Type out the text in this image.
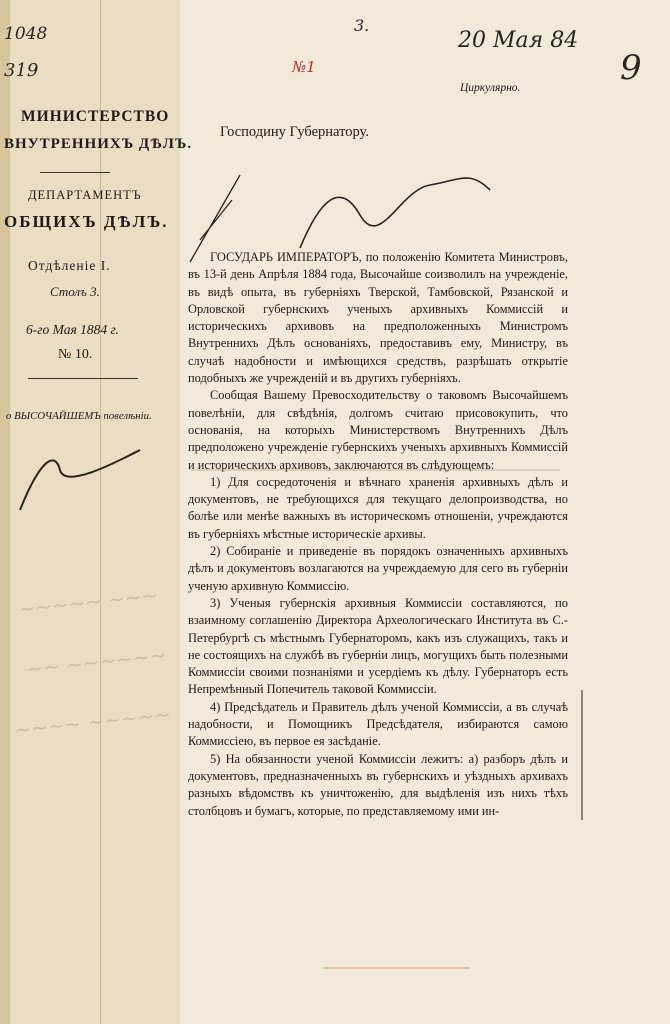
1048
319
3.
№1
20 Мая 84
9
Циркулярно.
Господину Губернатору.
МИНИСТЕРСТВО
ВНУТРЕННИХЪ ДѢЛЪ.
ДЕПАРТАМЕНТЪ
ОБЩИХЪ ДѢЛЪ.
Отдѣленіе I.
Столъ 3.
6-го Мая 1884 г.
№ 10.
о ВЫСОЧАЙШЕМЪ повелѣніи.

ГОСУДАРЬ ИМПЕРАТОРЪ, по положенію Комитета Министровъ, въ 13-й день Апрѣля 1884 года, Высочайше соизволилъ на учрежденіе, въ видѣ опыта, въ губерніяхъ Тверской, Тамбовской, Рязанской и Орловской губернскихъ ученыхъ архивныхъ Коммиссій и историческихъ архивовъ на предположенныхъ Министромъ Внутреннихъ Дѣлъ основаніяхъ, предоставивъ ему, Министру, въ случаѣ надобности и имѣющихся средствъ, разрѣшать открытіе подобныхъ же учрежденій и въ другихъ губерніяхъ.

Сообщая Вашему Превосходительству о таковомъ Высочайшемъ повелѣніи, для свѣдѣнія, долгомъ считаю присовокупить, что основанія, на которыхъ Министерствомъ Внутреннихъ Дѣлъ предположено учрежденіе губернскихъ ученыхъ архивныхъ Коммиссій и историческихъ архивовъ, заключаются въ слѣдующемъ:

1) Для сосредоточенія и вѣчнаго храненія архивныхъ дѣлъ и документовъ, не требующихся для текущаго делопроизводства, но болѣе или менѣе важныхъ въ историческомъ отношеніи, учреждаются въ губерніяхъ мѣстные историческіе архивы.

2) Собираніе и приведеніе въ порядокъ означенныхъ архивныхъ дѣлъ и документовъ возлагаются на учреждаемую для сего въ губерніи ученую архивную Коммиссію.

3) Ученыя губернскія архивныя Коммиссіи составляются, по взаимному соглашенію Директора Археологическаго Института въ С.-Петербургѣ съ мѣстнымъ Губернаторомъ, какъ изъ служащихъ, такъ и не состоящихъ на службѣ въ губерніи лицъ, могущихъ быть полезными Коммиссіи своими познаніями и усердіемъ къ дѣлу. Губернаторъ есть Непремѣнный Попечитель таковой Коммиссіи.

4) Предсѣдатель и Правитель дѣлъ ученой Коммиссіи, а въ случаѣ надобности, и Помощникъ Предсѣдателя, избираются самою Коммиссіею, въ первое ея засѣданіе.

5) На обязанности ученой Коммиссіи лежитъ: а) разборъ дѣлъ и документовъ, предназначенныхъ въ губернскихъ и уѣздныхъ архивахъ разныхъ вѣдомствъ къ уничтоженію, для выдѣленія изъ нихъ тѣхъ столбцовъ и бумагъ, которые, по представляемому ими ин-

~~~~~ ~~~
~~ ~~~~~~
~~~~ ~~~~~
